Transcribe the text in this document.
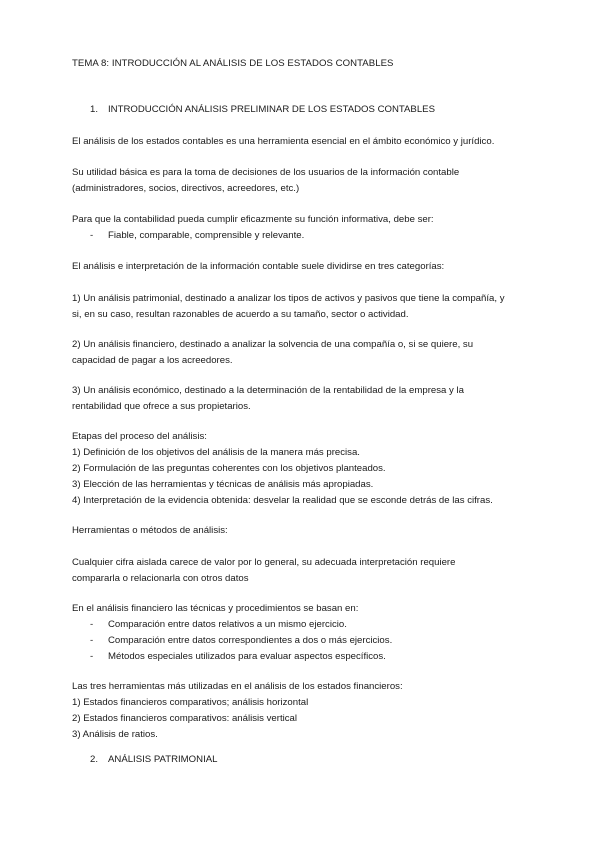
TEMA 8: INTRODUCCIÓN AL ANÁLISIS DE LOS ESTADOS CONTABLES

1. INTRODUCCIÓN ANÁLISIS PRELIMINAR DE LOS ESTADOS CONTABLES

El análisis de los estados contables es una herramienta esencial en el ámbito económico y jurídico.

Su utilidad básica es para la toma de decisiones de los usuarios de la información contable
(administradores, socios, directivos, acreedores, etc.)

Para que la contabilidad pueda cumplir eficazmente su función informativa, debe ser:

- Fiable, comparable, comprensible y relevante.

El análisis e interpretación de la información contable suele dividirse en tres categorías:

1) Un análisis patrimonial, destinado a analizar los tipos de activos y pasivos que tiene la compañía, y
si, en su caso, resultan razonables de acuerdo a su tamaño, sector o actividad.

2) Un análisis financiero, destinado a analizar la solvencia de una compañía o, si se quiere, su
capacidad de pagar a los acreedores.

3) Un análisis económico, destinado a la determinación de la rentabilidad de la empresa y la
rentabilidad que ofrece a sus propietarios.

Etapas del proceso del análisis:
1) Definición de los objetivos del análisis de la manera más precisa.
2) Formulación de las preguntas coherentes con los objetivos planteados.
3) Elección de las herramientas y técnicas de análisis más apropiadas.
4) Interpretación de la evidencia obtenida: desvelar la realidad que se esconde detrás de las cifras.

Herramientas o métodos de análisis:

Cualquier cifra aislada carece de valor por lo general, su adecuada interpretación requiere
compararla o relacionarla con otros datos

En el análisis financiero las técnicas y procedimientos se basan en:

- Comparación entre datos relativos a un mismo ejercicio.
- Comparación entre datos correspondientes a dos o más ejercicios.
- Métodos especiales utilizados para evaluar aspectos específicos.

Las tres herramientas más utilizadas en el análisis de los estados financieros:
1) Estados financieros comparativos; análisis horizontal
2) Estados financieros comparativos: análisis vertical
3) Análisis de ratios.

2. ANÁLISIS PATRIMONIAL
